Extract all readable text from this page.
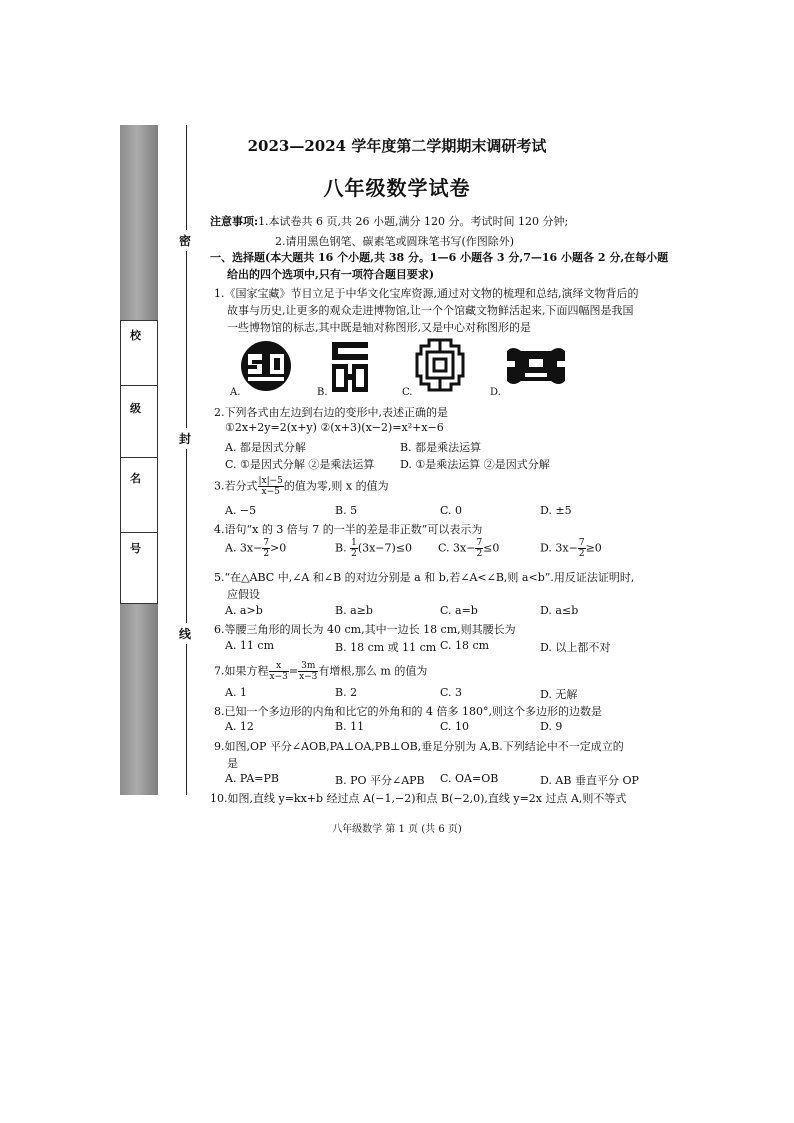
校
级
名
号
密
封
线
2023—2024 学年度第二学期期末调研考试
八年级数学试卷
注意事项:1.本试卷共 6 页,共 26 小题,满分 120 分。考试时间 120 分钟;
2.请用黑色钢笔、碳素笔或圆珠笔书写(作图除外)
一、选择题(本大题共 16 个小题,共 38 分。1—6 小题各 3 分,7—16 小题各 2 分,在每小题
给出的四个选项中,只有一项符合题目要求)
1.《国家宝藏》节目立足于中华文化宝库资源,通过对文物的梳理和总结,演绎文物背后的
故事与历史,让更多的观众走进博物馆,让一个个馆藏文物鲜活起来,下面四幅图是我国
一些博物馆的标志,其中既是轴对称图形,又是中心对称图形的是
A.	B.	C.	D.
2.下列各式由左边到右边的变形中,表述正确的是
①2x+2y=2(x+y) ②(x+3)(x−2)=x²+x−6
A. 都是因式分解	B. 都是乘法运算
C. ①是因式分解 ②是乘法运算 D. ①是乘法运算 ②是因式分解
3.若分式 $\frac{|x|-5}{x-5}$ 的值为零,则 x 的值为
A. −5	B. 5	C. 0	D. ±5
4.语句“x 的 3 倍与 7 的一半的差是非正数”可以表示为
A. $3x- \frac{7}{2} >0$	B. $\frac{1}{2} (3x-7)\le 0$ C. $3x- \frac{7}{2} \le 0$	D. $3x- \frac{7}{2} \ge 0$
5.“在△ABC 中,∠A 和∠B 的对边分别是 a 和 b,若∠A<∠B,则 a<b”.用反证法证明时,
应假设
A. a>b	B. a≥b	C. a=b	D. a≤b
6.等腰三角形的周长为 40 cm,其中一边长 18 cm,则其腰长为
A. 11 cm	B. 18 cm 或 11 cm C. 18 cm	D. 以上都不对
7.如果方程 $\frac{x}{x-3} = \frac{3m}{x-3}$ 有增根,那么 m 的值为
A. 1	B. 2	C. 3	D. 无解
8.已知一个多边形的内角和比它的外角和的 4 倍多 180°,则这个多边形的边数是
A. 12	B. 11	C. 10	D. 9
9.如图,OP 平分∠AOB,PA⊥OA,PB⊥OB,垂足分别为 A,B.下列结论中不一定成立的
是
A. PA=PB	B. PO 平分∠APB C. OA=OB	D. AB 垂直平分 OP
10.如图,直线 y=kx+b 经过点 A(−1,−2)和点 B(−2,0),直线 y=2x 过点 A,则不等式
八年级数学 第 1 页 (共 6 页)
